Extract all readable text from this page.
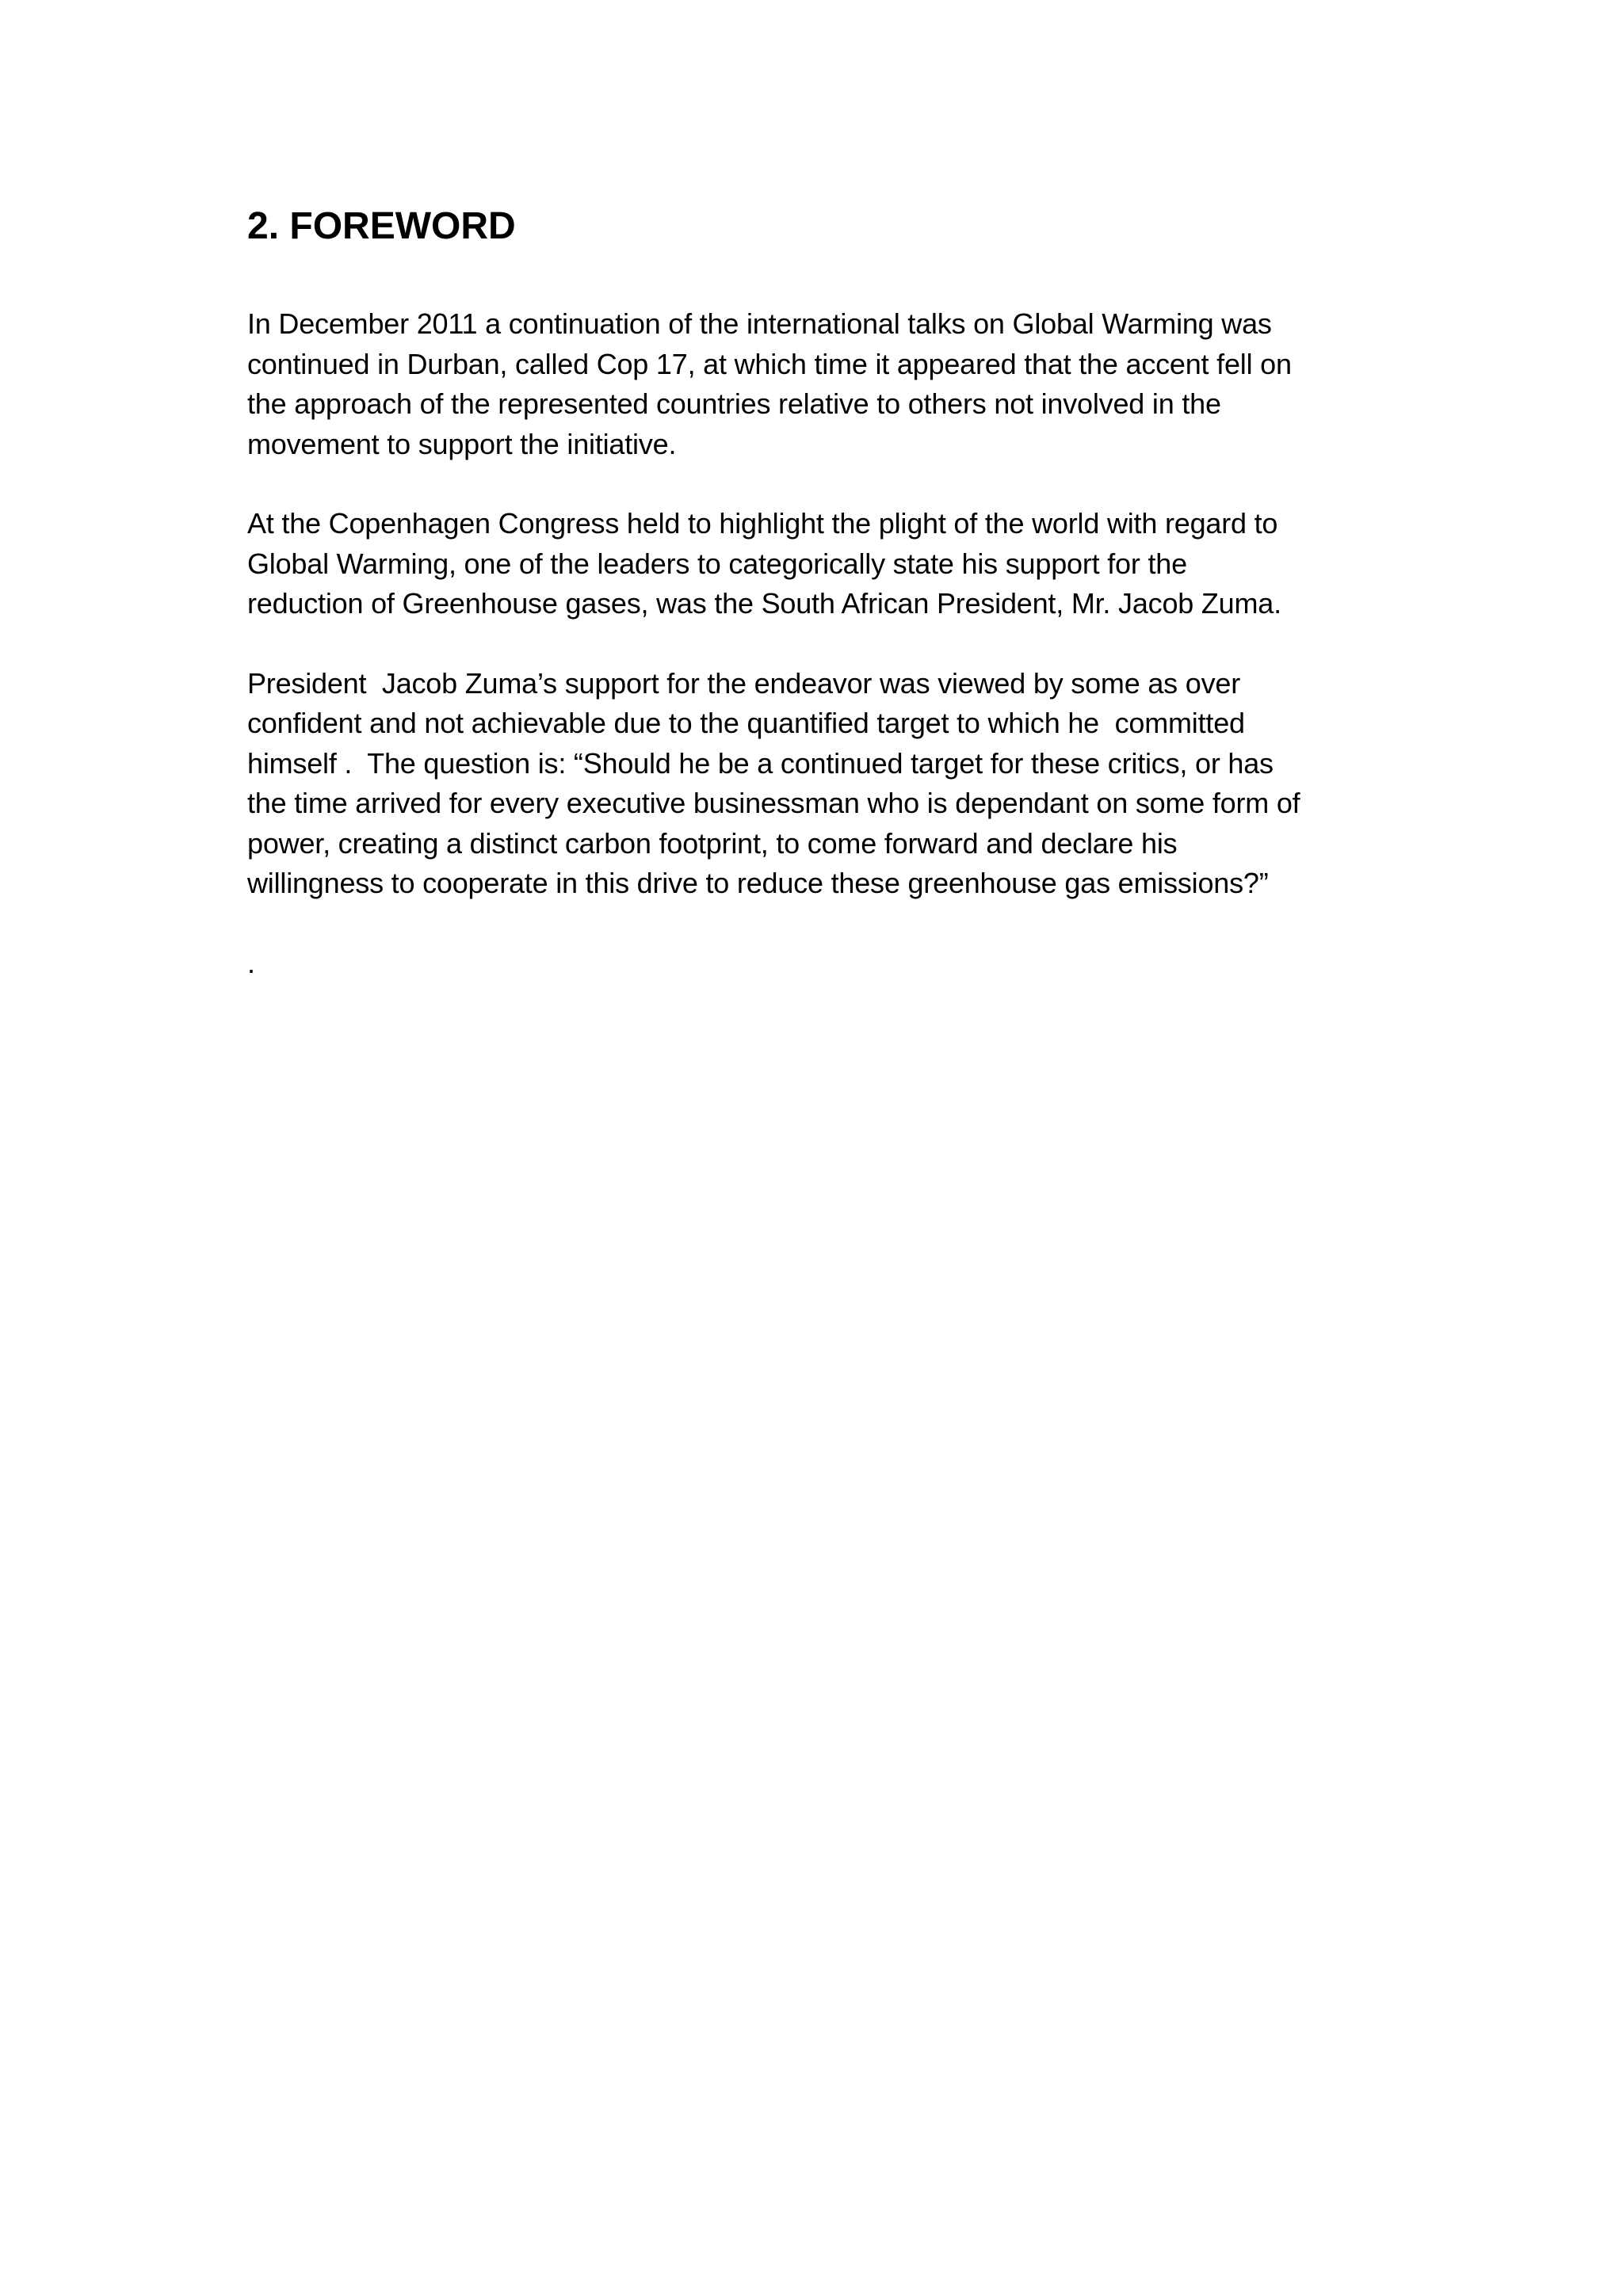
2. FOREWORD

In December 2011 a continuation of the international talks on Global Warming was
continued in Durban, called Cop 17, at which time it appeared that the accent fell on
the approach of the represented countries relative to others not involved in the
movement to support the initiative.

At the Copenhagen Congress held to highlight the plight of the world with regard to
Global Warming, one of the leaders to categorically state his support for the
reduction of Greenhouse gases, was the South African President, Mr. Jacob Zuma.

President  Jacob Zuma’s support for the endeavor was viewed by some as over
confident and not achievable due to the quantified target to which he  committed
himself .  The question is: “Should he be a continued target for these critics, or has
the time arrived for every executive businessman who is dependant on some form of
power, creating a distinct carbon footprint, to come forward and declare his
willingness to cooperate in this drive to reduce these greenhouse gas emissions?”

.
